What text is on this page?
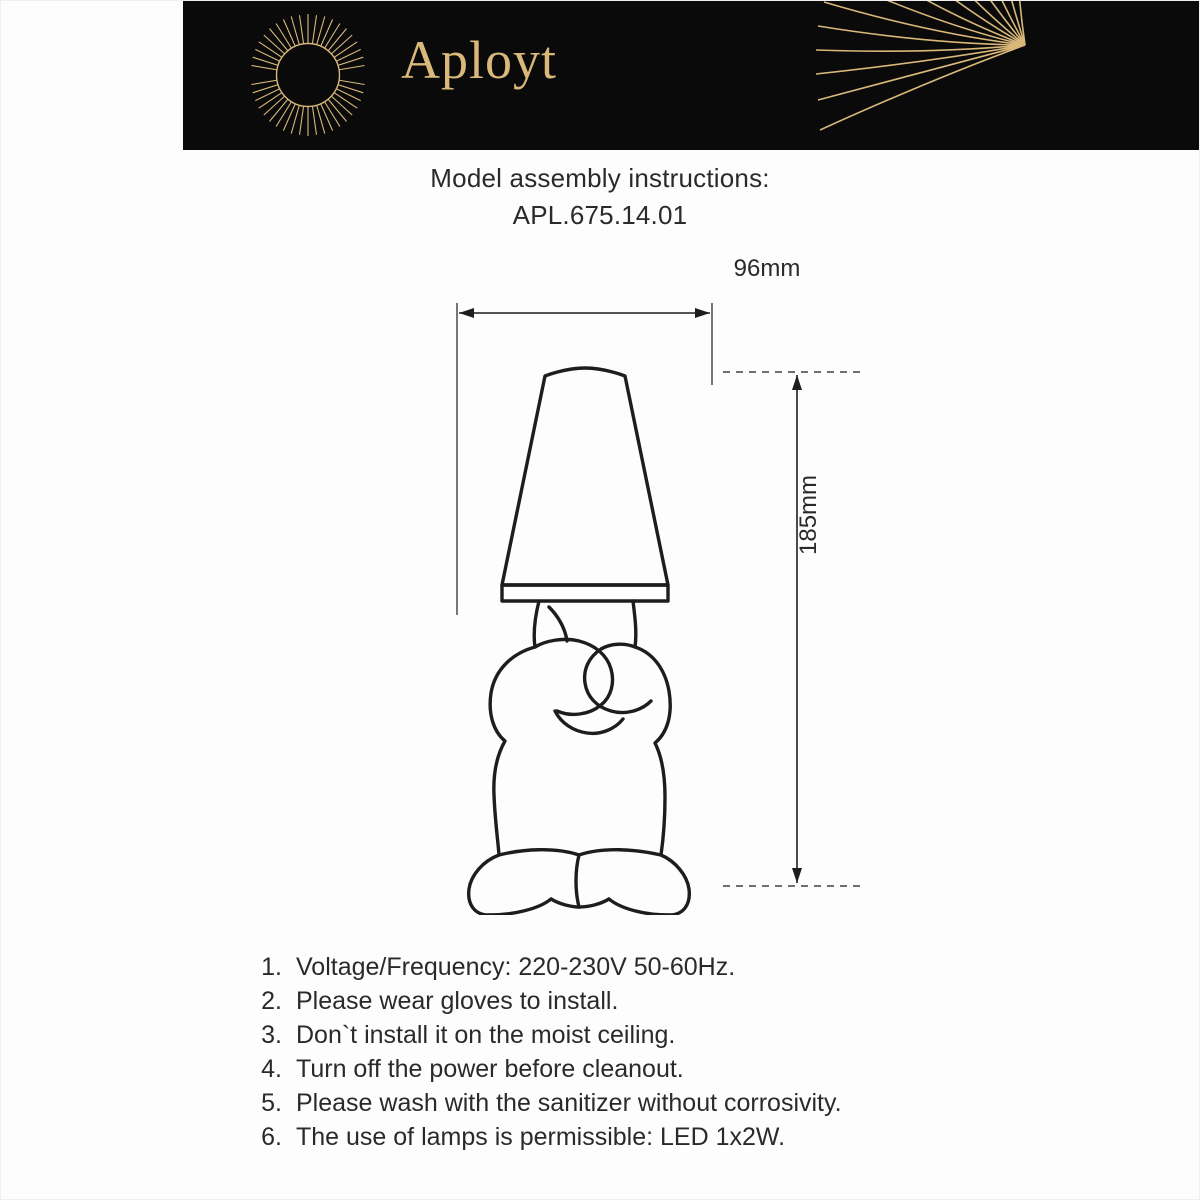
Aployt
Model assembly instructions:
APL.675.14.01
96mm
185mm
1. Voltage/Frequency: 220-230V 50-60Hz.
2. Please wear gloves to install.
3. Don`t install it on the moist ceiling.
4. Turn off the power before cleanout.
5. Please wash with the sanitizer without corrosivity.
6. The use of lamps is permissible: LED 1x2W.
